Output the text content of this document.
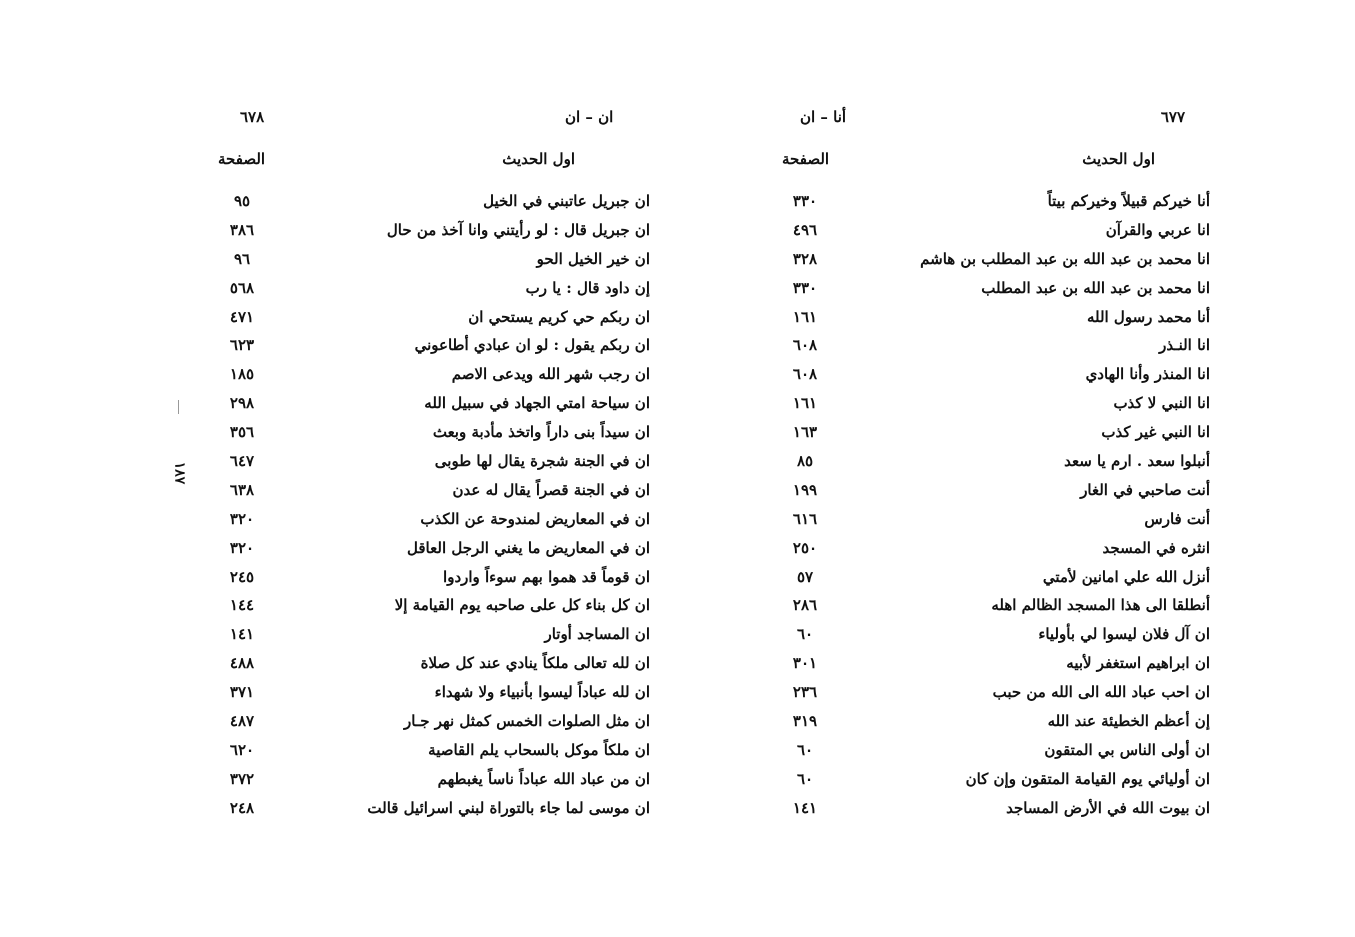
٦٧٧
أنا – ان
اول الحديث
الصفحة
أنا خيركم قبيلاً وخيركم بيتاً
٣٣٠
انا عربي والقرآن
٤٩٦
انا محمد بن عبد الله بن عبد المطلب بن هاشم
٣٢٨
انا محمد بن عبد الله بن عبد المطلب
٣٣٠
أنا محمد رسول الله
١٦١
انا النـذر
٦٠٨
انا المنذر وأنا الهادي
٦٠٨
انا النبي لا كذب
١٦١
انا النبي غير كذب
١٦٣
أنبلوا سعد . ارم يا سعد
٨٥
أنت صاحبي في الغار
١٩٩
أنت فارس
٦١٦
انثره في المسجد
٢٥٠
أنزل الله علي امانين لأمتي
٥٧
أنطلقا الى هذا المسجد الظالم اهله
٢٨٦
ان آل فلان ليسوا لي بأولياء
٦٠
ان ابراهيم استغفر لأبيه
٣٠١
ان احب عباد الله الى الله من حبب
٢٣٦
إن أعظم الخطيئة عند الله
٣١٩
ان أولى الناس بي المتقون
٦٠
ان أوليائي يوم القيامة المتقون وإن كان
٦٠
ان بيوت الله في الأرض المساجد
١٤١
٦٧٨	ان – ان
اول الحديث
الصفحة
ان جبريل عاتبني في الخيل
٩٥
ان جبريل قال : لو رأيتني وانا آخذ من حال
٣٨٦
ان خير الخيل الحو
٩٦
إن داود قال : يا رب
٥٦٨
ان ربكم حي كريم يستحي ان
٤٧١
ان ربكم يقول : لو ان عبادي أطاعوني
٦٢٣
ان رجب شهر الله ويدعى الاصم
١٨٥
ان سياحة امتي الجهاد في سبيل الله
٢٩٨
ان سيداً بنى داراً واتخذ مأدبة وبعث
٣٥٦
ان في الجنة شجرة يقال لها طوبى
٦٤٧
ان في الجنة قصراً يقال له عدن
٦٣٨
ان في المعاريض لمندوحة عن الكذب
٣٢٠
ان في المعاريض ما يغني الرجل العاقل
٣٢٠
ان قوماً قد هموا بهم سوءاً واردوا
٢٤٥
ان كل بناء كل على صاحبه يوم القيامة إلا
١٤٤
ان المساجد أوتار
١٤١
ان لله تعالى ملكاً ينادي عند كل صلاة
٤٨٨
ان لله عباداً ليسوا بأنبياء ولا شهداء
٣٧١
ان مثل الصلوات الخمس كمثل نهر جـار
٤٨٧
ان ملكاً موكل بالسحاب يلم القاصية
٦٢٠
ان من عباد الله عباداً ناساً يغبطهم
٣٧٢
ان موسى لما جاء بالتوراة لبني اسرائيل قالت
٢٤٨
١٨٧
